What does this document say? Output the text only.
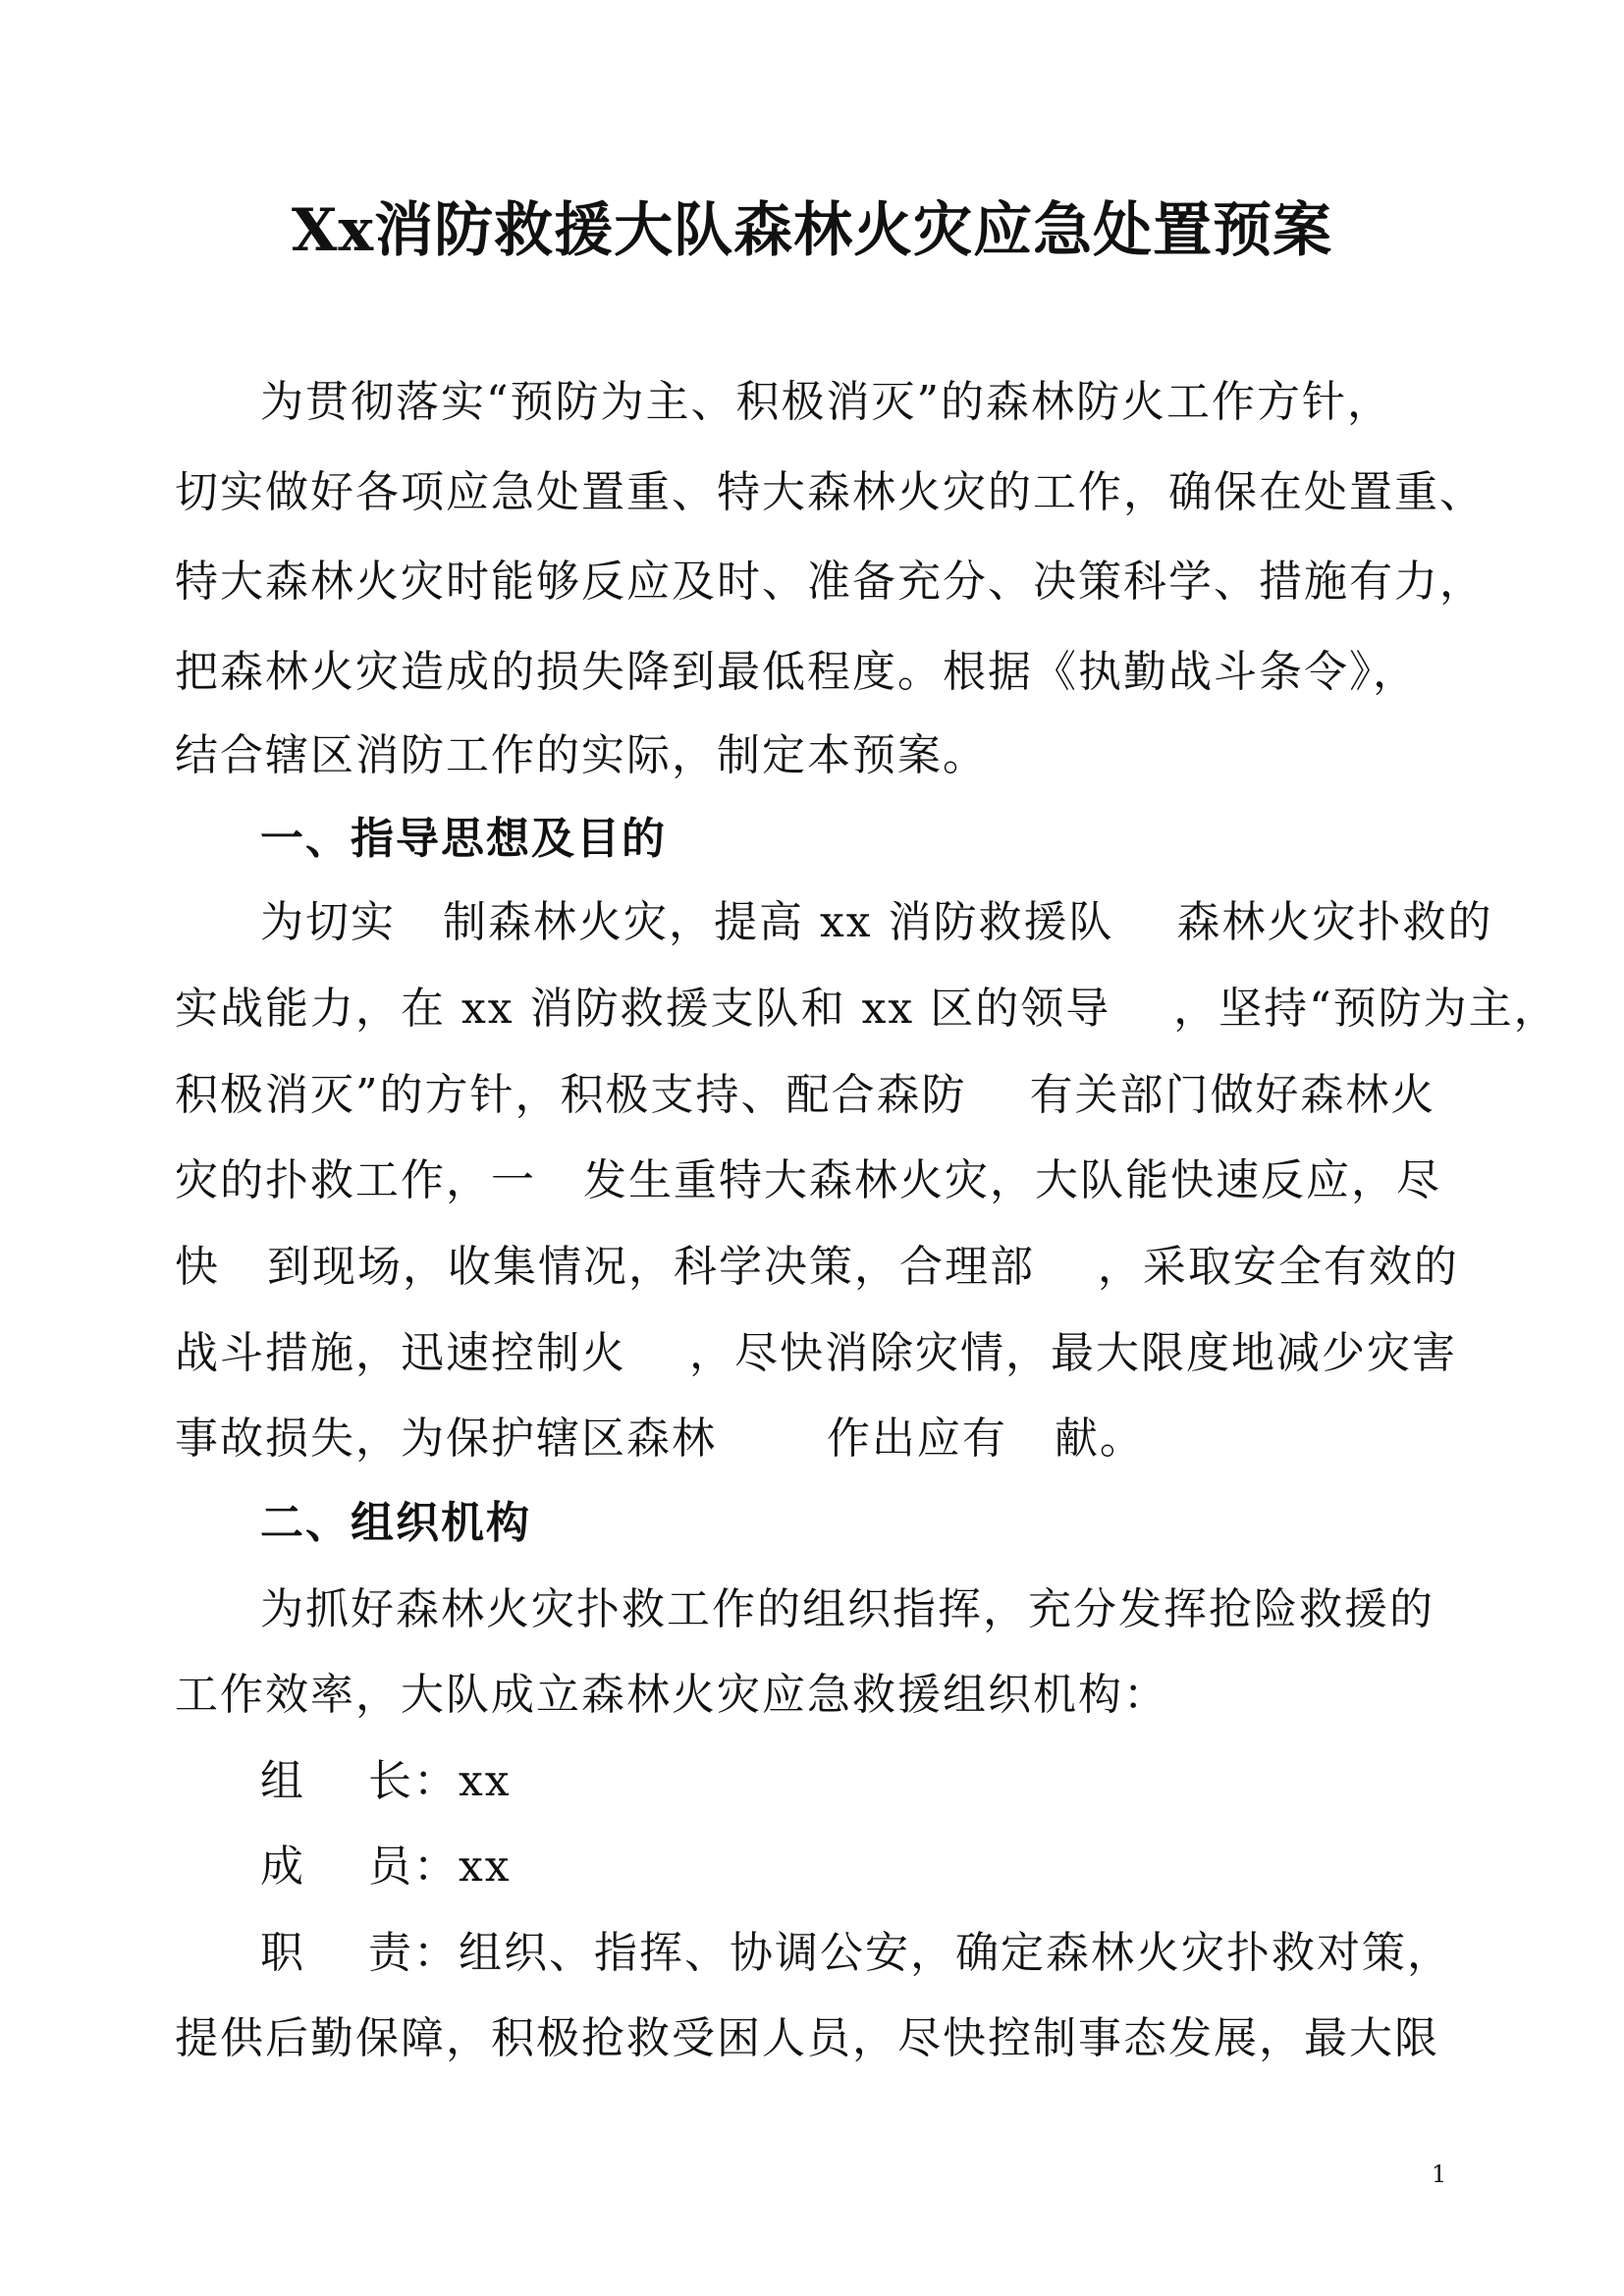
Xx消防救援大队森林火灾应急处置预案

为贯彻落实“预防为主、积极消灭”的森林防火工作方针，

切实做好各项应急处置重、特大森林火灾的工作，确保在处置重、

特大森林火灾时能够反应及时、准备充分、决策科学、措施有力，

把森林火灾造成的损失降到最低程度。根据《执勤战斗条令》，

结合辖区消防工作的实际，制定本预案。

一、指导思想及目的

为切实   制森林火灾，提高 xx 消防救援队    森林火灾扑救的

实战能力，在 xx 消防救援支队和 xx 区的领导    ，坚持“预防为主，

积极消灭”的方针，积极支持、配合森防    有关部门做好森林火

灾的扑救工作，一   发生重特大森林火灾，大队能快速反应，尽

快   到现场，收集情况，科学决策，合理部    ，采取安全有效的

战斗措施，迅速控制火    ，尽快消除灾情，最大限度地减少灾害

事故损失，为保护辖区森林       作出应有   献。

二、组织机构

为抓好森林火灾扑救工作的组织指挥，充分发挥抢险救援的

工作效率，大队成立森林火灾应急救援组织机构：

组    长：xx

成    员：xx

职    责：组织、指挥、协调公安，确定森林火灾扑救对策，

提供后勤保障，积极抢救受困人员，尽快控制事态发展，最大限

1
